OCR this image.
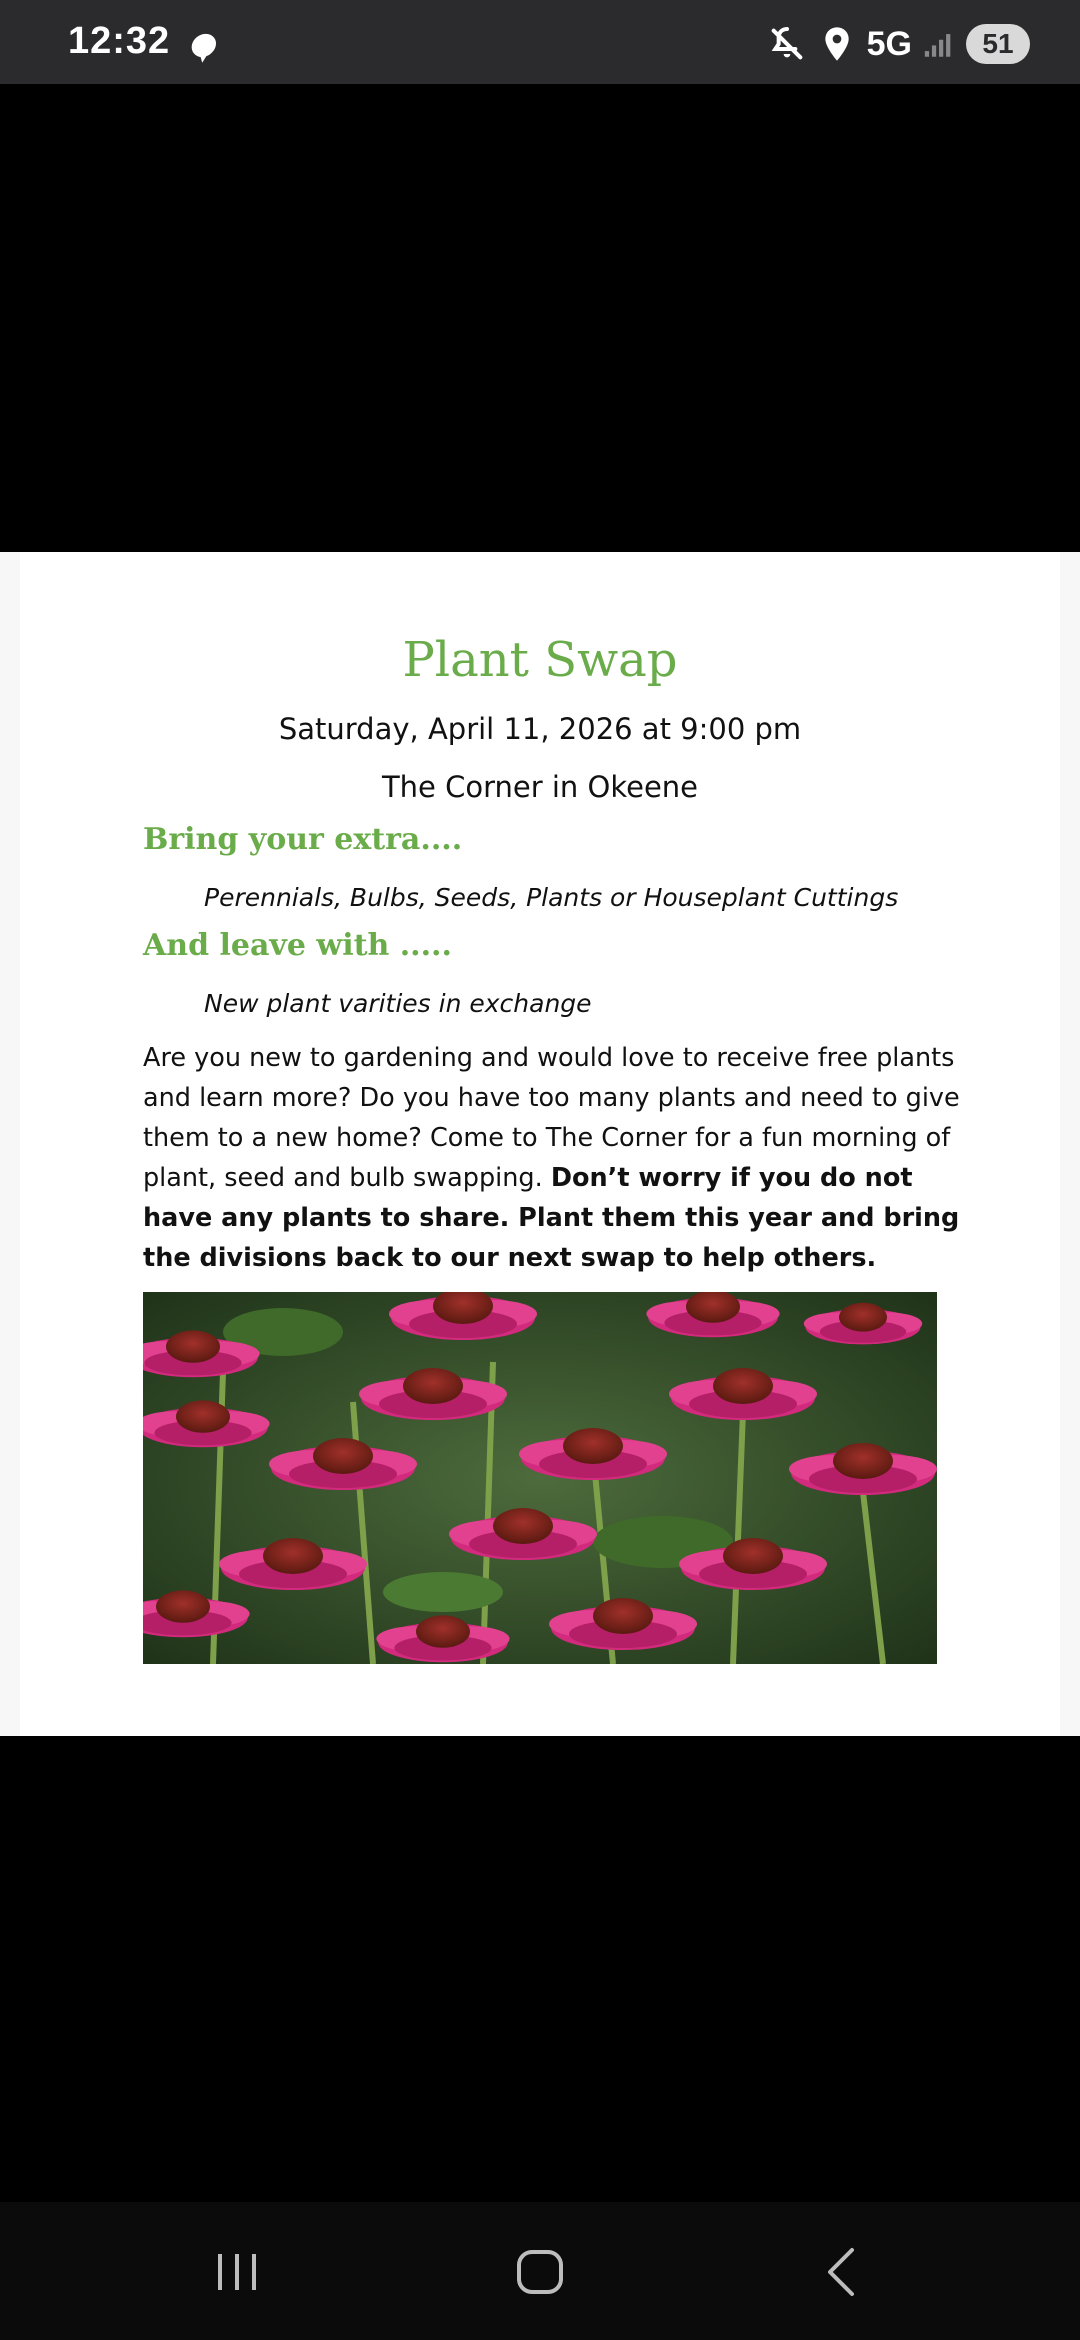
12:32	5G	51
Plant Swap
Saturday, April 11, 2026 at 9:00 pm
The Corner in Okeene
Bring your extra....
Perennials, Bulbs, Seeds, Plants or Houseplant Cuttings
And leave with .....
New plant varities in exchange
Are you new to gardening and would love to receive free plants and learn more? Do you have too many plants and need to give them to a new home? Come to The Corner for a fun morning of plant, seed and bulb swapping. Don’t worry if you do not have any plants to share. Plant them this year and bring the divisions back to our next swap to help others.
